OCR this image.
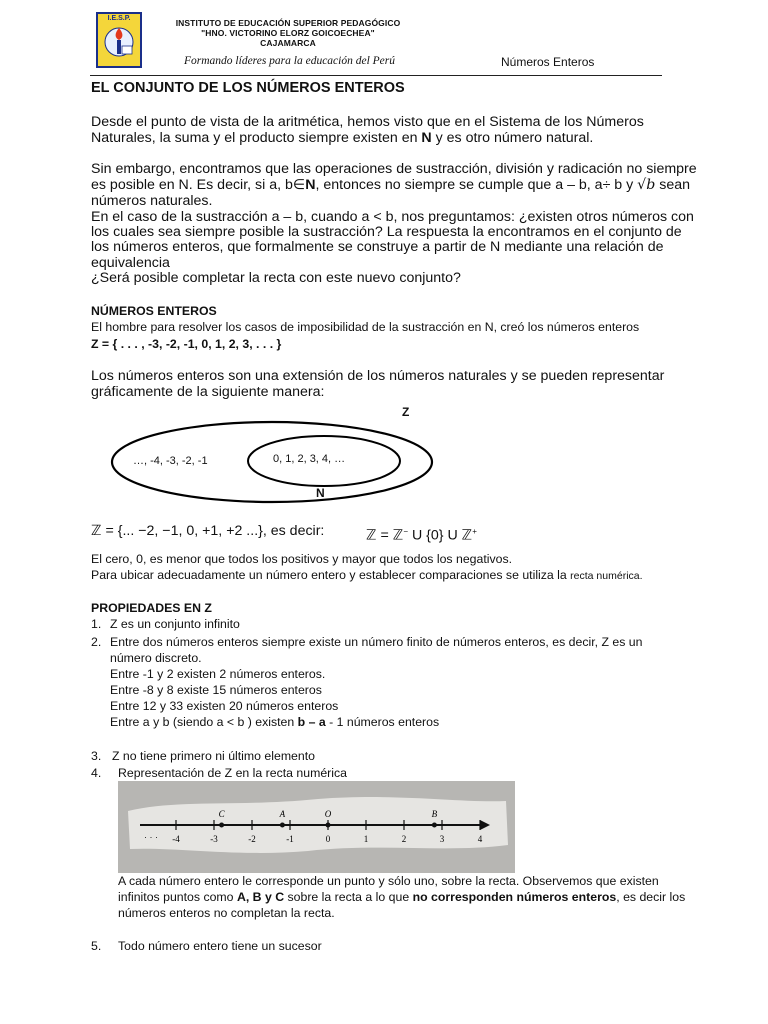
I.E.S.P.	INSTITUTO DE EDUCACIÓN SUPERIOR PEDAGÓGICO
"HNO. VICTORINO ELORZ GOICOECHEA"
CAJAMARCA
Formando líderes para la educación del Perú	Números Enteros
EL CONJUNTO DE LOS NÚMEROS ENTEROS
Desde el punto de vista de la aritmética, hemos visto que en el Sistema de los Números
Naturales, la suma y el producto siempre existen en N y es otro número natural.
Sin embargo, encontramos que las operaciones de sustracción, división y radicación no siempre
es posible en N. Es decir, si a, b∈N, entonces no siempre se cumple que a – b, a÷ b y √b sean
números naturales.
En el caso de la sustracción a – b, cuando a < b, nos preguntamos: ¿existen otros números con
los cuales sea siempre posible la sustracción? La respuesta la encontramos en el conjunto de
los números enteros, que formalmente se construye a partir de N mediante una relación de
equivalencia
¿Será posible completar la recta con este nuevo conjunto?
NÚMEROS ENTEROS
El hombre para resolver los casos de imposibilidad de la sustracción en N, creó los números enteros
Z = { . . . , -3, -2, -1, 0, 1, 2, 3, . . . }
Los números enteros son una extensión de los números naturales y se pueden representar
gráficamente de la siguiente manera:
Z
N
…, -4, -3, -2, -1	0, 1, 2, 3, 4, …
ℤ = {... −2, −1, 0, +1, +2 ...}, es decir:	ℤ = ℤ− U {0} U ℤ+
El cero, 0, es menor que todos los positivos y mayor que todos los negativos.
Para ubicar adecuadamente un número entero y establecer comparaciones se utiliza la recta numérica.
PROPIEDADES EN Z
1. Z es un conjunto infinito
2. Entre dos números enteros siempre existe un número finito de números enteros, es decir, Z es un
número discreto.
Entre -1 y 2 existen 2 números enteros.
Entre -8 y 8 existe 15 números enteros
Entre 12 y 33 existen 20 números enteros
Entre a y b (siendo a < b ) existen b – a - 1 números enteros
3. Z no tiene primero ni último elemento
4. Representación de Z en la recta numérica
-4	-3	-2	-1	0	1	2	3	4
C	A	O	B
· · ·
A cada número entero le corresponde un punto y sólo uno, sobre la recta. Observemos que existen
infinitos puntos como A, B y C sobre la recta a lo que no corresponden números enteros, es decir los
números enteros no completan la recta.
5. Todo número entero tiene un sucesor
